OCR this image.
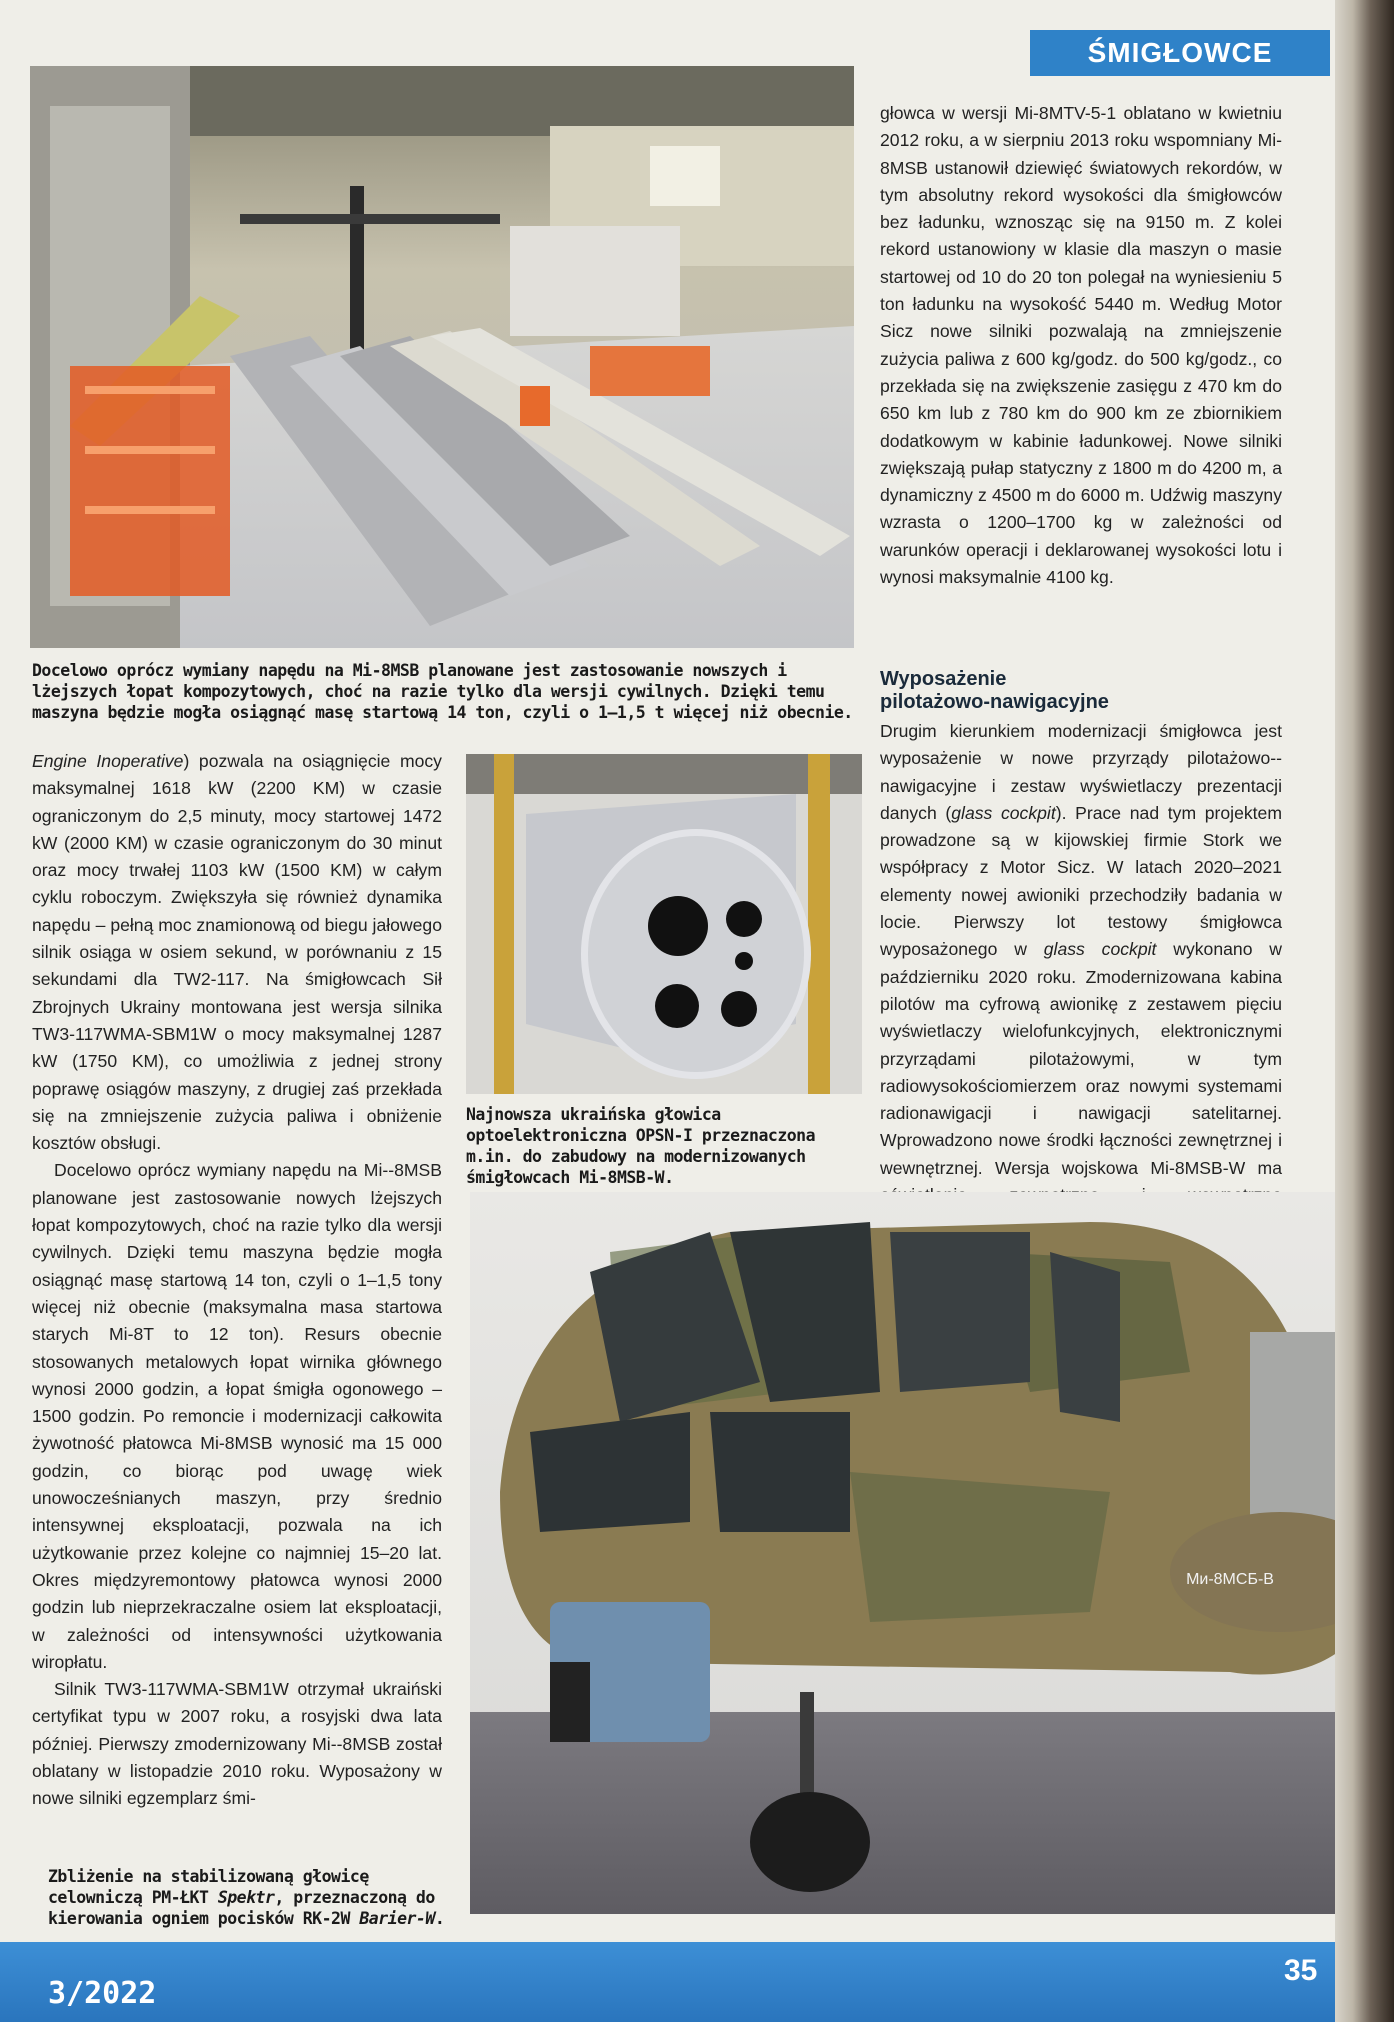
ŚMIGŁOWCE
Docelowo oprócz wymiany napędu na Mi-8MSB planowane jest zastosowanie nowszych i lżejszych łopat kompozytowych, choć na razie tylko dla wersji cywilnych. Dzięki temu maszyna będzie mogła osiągnąć masę startową 14 ton, czyli o 1–1,5 t więcej niż obecnie.
Najnowsza ukraińska głowica optoelektroniczna OPSN-I przeznaczona m.in. do zabudowy na modernizowanych śmigłowcach Mi-8MSB-W.

Engine Inoperative) pozwala na osiągnięcie mocy maksymalnej 1618 kW (2200 KM) w czasie ograniczonym do 2,5 minuty, mocy startowej 1472 kW (2000 KM) w czasie ograniczonym do 30 minut oraz mocy trwałej 1103 kW (1500 KM) w całym cyklu roboczym. Zwiększyła się również dynamika napędu – pełną moc znamionową od biegu jałowego silnik osiąga w osiem sekund, w porównaniu z 15 sekundami dla TW2-117. Na śmigłowcach Sił Zbrojnych Ukrainy montowana jest wersja silnika TW3-117WMA-SBM1W o mocy maksymalnej 1287 kW (1750 KM), co umożliwia z jednej strony poprawę osiągów maszyny, z drugiej zaś przekłada się na zmniejszenie zużycia paliwa i obniżenie kosztów obsługi.

Docelowo oprócz wymiany napędu na Mi--8MSB planowane jest zastosowanie nowych lżejszych łopat kompozytowych, choć na razie tylko dla wersji cywilnych. Dzięki temu maszyna będzie mogła osiągnąć masę startową 14 ton, czyli o 1–1,5 tony więcej niż obecnie (maksymalna masa startowa starych Mi-8T to 12 ton). Resurs obecnie stosowanych metalowych łopat wirnika głównego wynosi 2000 godzin, a łopat śmigła ogonowego – 1500 godzin. Po remoncie i modernizacji całkowita żywotność płatowca Mi-8MSB wynosić ma 15 000 godzin, co biorąc pod uwagę wiek unowocześnianych maszyn, przy średnio intensywnej eksploatacji, pozwala na ich użytkowanie przez kolejne co najmniej 15–20 lat. Okres międzyremontowy płatowca wynosi 2000 godzin lub nieprzekraczalne osiem lat eksploatacji, w zależności od intensywności użytkowania wiropłatu.

Silnik TW3-117WMA-SBM1W otrzymał ukraiński certyfikat typu w 2007 roku, a rosyjski dwa lata później. Pierwszy zmodernizowany Mi--8MSB został oblatany w listopadzie 2010 roku. Wyposażony w nowe silniki egzemplarz śmi-

głowca w wersji Mi-8MTV-5-1 oblatano w kwietniu 2012 roku, a w sierpniu 2013 roku wspomniany Mi-8MSB ustanowił dziewięć światowych rekordów, w tym absolutny rekord wysokości dla śmigłowców bez ładunku, wznosząc się na 9150 m. Z kolei rekord ustanowiony w klasie dla maszyn o masie startowej od 10 do 20 ton polegał na wyniesieniu 5 ton ładunku na wysokość 5440 m. Według Motor Sicz nowe silniki pozwalają na zmniejszenie zużycia paliwa z 600 kg/godz. do 500 kg/godz., co przekłada się na zwiększenie zasięgu z 470 km do 650 km lub z 780 km do 900 km ze zbiornikiem dodatkowym w kabinie ładunkowej. Nowe silniki zwiększają pułap statyczny z 1800 m do 4200 m, a dynamiczny z 4500 m do 6000 m. Udźwig maszyny wzrasta o 1200–1700 kg w zależności od warunków operacji i deklarowanej wysokości lotu i wynosi maksymalnie 4100 kg.

Wyposażenie
pilotażowo-nawigacyjne

Drugim kierunkiem modernizacji śmigłowca jest wyposażenie w nowe przyrządy pilotażowo--nawigacyjne i zestaw wyświetlaczy prezentacji danych (glass cockpit). Prace nad tym projektem prowadzone są w kijowskiej firmie Stork we współpracy z Motor Sicz. W latach 2020–2021 elementy nowej awioniki przechodziły badania w locie. Pierwszy lot testowy śmigłowca wyposażonego w glass cockpit wykonano w październiku 2020 roku. Zmodernizowana kabina pilotów ma cyfrową awionikę z zestawem pięciu wyświetlaczy wielofunkcyjnych, elektronicznymi przyrządami pilotażowymi, w tym radiowysokościomierzem oraz nowymi systemami radionawigacji i nawigacji satelitarnej. Wprowadzono nowe środki łączności zewnętrznej i wewnętrznej. Wersja wojskowa Mi-8MSB-W ma

Ми-8МСБ-В
Zbliżenie na stabilizowaną głowicę celowniczą PM-ŁKT Spektr, przeznaczoną do kierowania ogniem pocisków RK-2W Barier-W.
3/2022
35
